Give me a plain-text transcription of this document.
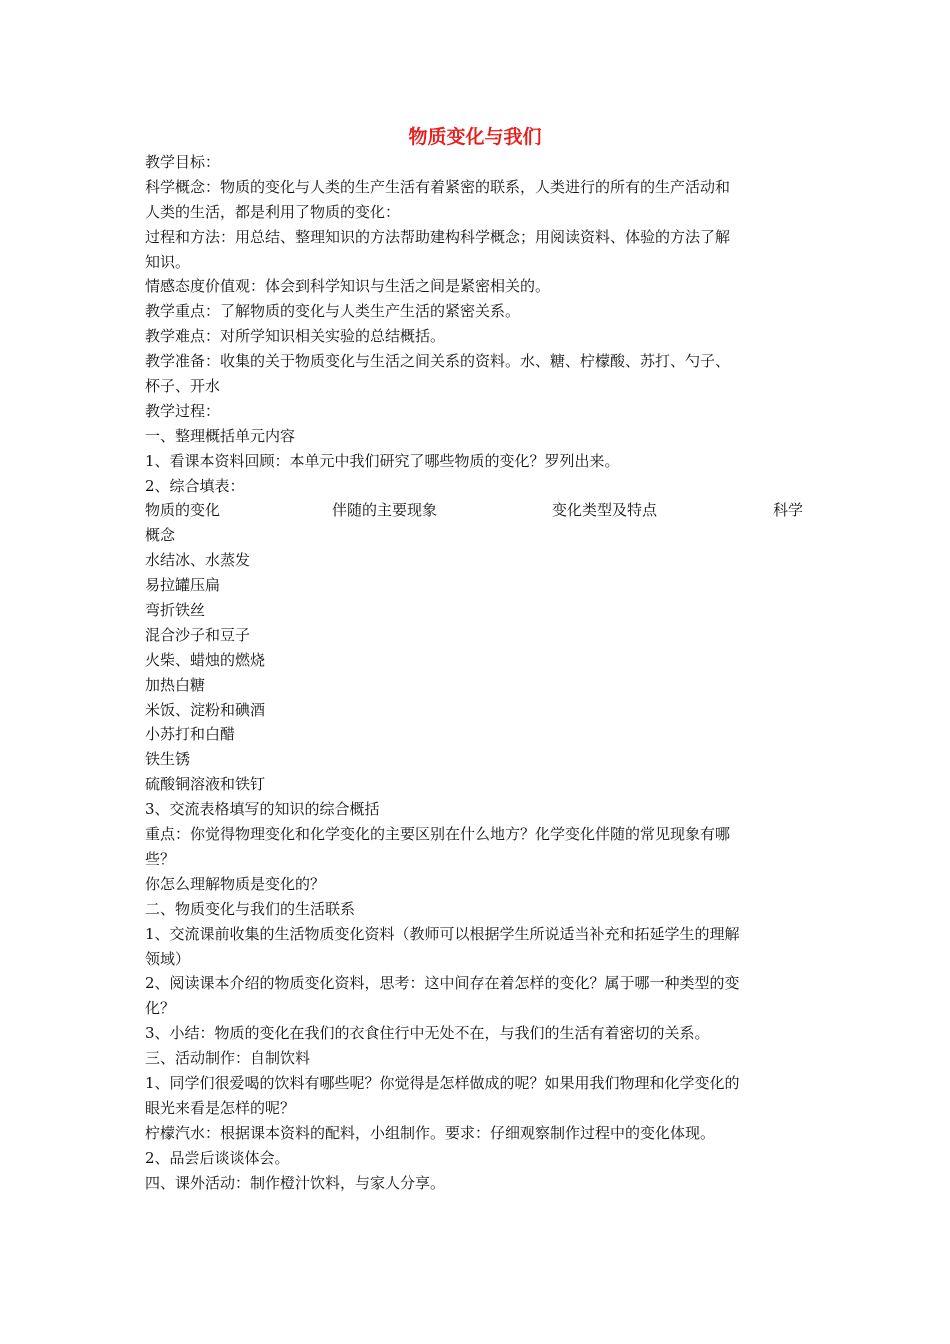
物质变化与我们
教学目标：
科学概念：物质的变化与人类的生产生活有着紧密的联系，人类进行的所有的生产活动和
人类的生活，都是利用了物质的变化：
过程和方法：用总结、整理知识的方法帮助建构科学概念；用阅读资料、体验的方法了解
知识。
情感态度价值观：体会到科学知识与生活之间是紧密相关的。
教学重点：了解物质的变化与人类生产生活的紧密关系。
教学难点：对所学知识相关实验的总结概括。
教学准备：收集的关于物质变化与生活之间关系的资料。水、糖、柠檬酸、苏打、勺子、
杯子、开水
教学过程：
一、整理概括单元内容
1、看课本资料回顾：本单元中我们研究了哪些物质的变化？罗列出来。
2、综合填表：
物质的变化	伴随的主要现象	变化类型及特点	科学
概念
水结冰、水蒸发
易拉罐压扁
弯折铁丝
混合沙子和豆子
火柴、蜡烛的燃烧
加热白糖
米饭、淀粉和碘酒
小苏打和白醋
铁生锈
硫酸铜溶液和铁钉
3、交流表格填写的知识的综合概括
重点：你觉得物理变化和化学变化的主要区别在什么地方？化学变化伴随的常见现象有哪
些？
你怎么理解物质是变化的？
二、物质变化与我们的生活联系
1、交流课前收集的生活物质变化资料（教师可以根据学生所说适当补充和拓延学生的理解
领域）
2、阅读课本介绍的物质变化资料，思考：这中间存在着怎样的变化？属于哪一种类型的变
化？
3、小结：物质的变化在我们的衣食住行中无处不在，与我们的生活有着密切的关系。
三、活动制作：自制饮料
1、同学们很爱喝的饮料有哪些呢？你觉得是怎样做成的呢？如果用我们物理和化学变化的
眼光来看是怎样的呢？
柠檬汽水：根据课本资料的配料，小组制作。要求：仔细观察制作过程中的变化体现。
2、品尝后谈谈体会。
四、课外活动：制作橙汁饮料，与家人分享。
